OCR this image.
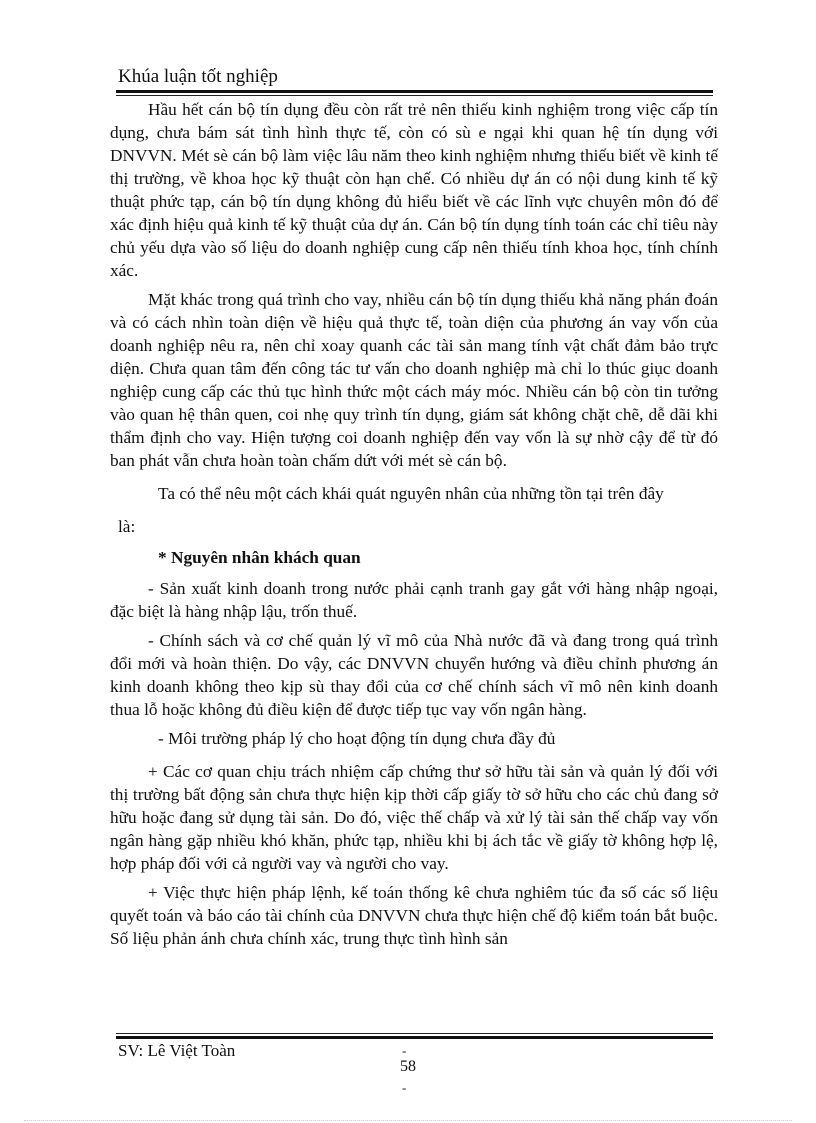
Khúa luận tốt nghiệp

Hầu hết cán bộ tín dụng đều còn rất trẻ nên thiếu kinh nghiệm trong việc cấp tín dụng, chưa bám sát tình hình thực tế, còn có sù e ngại khi quan hệ tín dụng với DNVVN. Mét sè cán bộ làm việc lâu năm theo kinh nghiệm nhưng thiếu biết về kinh tế thị trường, về khoa học kỹ thuật còn hạn chế. Có nhiều dự án có nội dung kinh tế kỹ thuật phức tạp, cán bộ tín dụng không đủ hiểu biết về các lĩnh vực chuyên môn đó để xác định hiệu quả kinh tế kỹ thuật của dự án. Cán bộ tín dụng tính toán các chỉ tiêu này chủ yếu dựa vào số liệu do doanh nghiệp cung cấp nên thiếu tính khoa học, tính chính xác.

Mặt khác trong quá trình cho vay, nhiều cán bộ tín dụng thiếu khả năng phán đoán và có cách nhìn toàn diện về hiệu quả thực tế, toàn diện của phương án vay vốn của doanh nghiệp nêu ra, nên chỉ xoay quanh các tài sản mang tính vật chất đảm bảo trực diện. Chưa quan tâm đến công tác tư vấn cho doanh nghiệp mà chỉ lo thúc giục doanh nghiệp cung cấp các thủ tục hình thức một cách máy móc. Nhiều cán bộ còn tin tưởng vào quan hệ thân quen, coi nhẹ quy trình tín dụng, giám sát không chặt chẽ, dễ dãi khi thẩm định cho vay. Hiện tượng coi doanh nghiệp đến vay vốn là sự nhờ cậy để từ đó ban phát vẫn chưa hoàn toàn chấm dứt với mét sè cán bộ.

Ta có thể nêu một cách khái quát nguyên nhân của những tồn tại trên đây

là:

* Nguyên nhân khách quan

- Sản xuất kinh doanh trong nước phải cạnh tranh gay gắt với hàng nhập ngoại, đặc biệt là hàng nhập lậu, trốn thuế.

- Chính sách và cơ chế quản lý vĩ mô của Nhà nước đã và đang trong quá trình đổi mới và hoàn thiện. Do vậy, các DNVVN chuyển hướng và điều chỉnh phương án kinh doanh không theo kịp sù thay đổi của cơ chế chính sách vĩ mô nên kinh doanh thua lỗ hoặc không đủ điều kiện để được tiếp tục vay vốn ngân hàng.

- Môi trường pháp lý cho hoạt động tín dụng chưa đầy đủ

+ Các cơ quan chịu trách nhiệm cấp chứng thư sở hữu tài sản và quản lý đối với thị trường bất động sản chưa thực hiện kịp thời cấp giấy tờ sở hữu cho các chủ đang sở hữu hoặc đang sử dụng tài sản. Do đó, việc thế chấp và xử lý tài sản thế chấp vay vốn ngân hàng gặp nhiều khó khăn, phức tạp, nhiều khi bị ách tắc về giấy tờ không hợp lệ, hợp pháp đối với cả người vay và người cho vay.

+ Việc thực hiện pháp lệnh, kế toán thống kê chưa nghiêm túc đa số các số liệu quyết toán và báo cáo tài chính của DNVVN chưa thực hiện chế độ kiểm toán bắt buộc. Số liệu phản ánh chưa chính xác, trung thực tình hình sản

SV: Lê Việt Toàn	-
58
-
